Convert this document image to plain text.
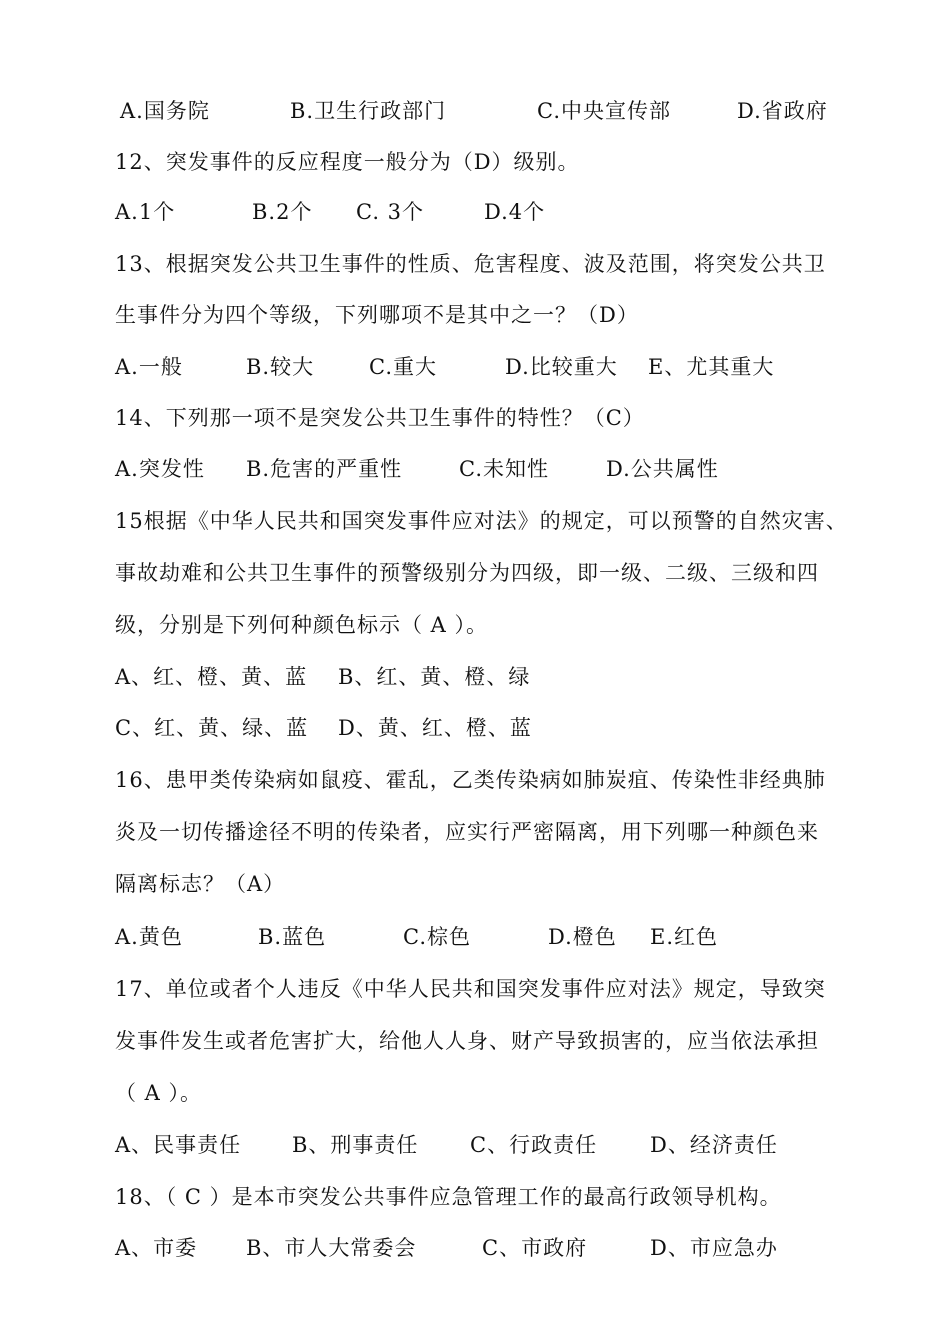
A.国务院	B.卫生行政部门	C.中央宣传部	D.省政府
12、突发事件的反应程度一般分为（D）级别。
A.1个	B.2个 C. 3个	D.4个
13、根据突发公共卫生事件的性质、危害程度、波及范围，将突发公共卫
生事件分为四个等级，下列哪项不是其中之一？（D）
A.一般	B.较大	C.重大	D.比较重大 E、尤其重大
14、下列那一项不是突发公共卫生事件的特性？（C）
A.突发性 B.危害的严重性	C.未知性	D.公共属性
15根据《中华人民共和国突发事件应对法》的规定，可以预警的自然灾害、
事故劫难和公共卫生事件的预警级别分为四级，即一级、二级、三级和四
级，分别是下列何种颜色标示（ A ）。
A、红、橙、黄、蓝 B、红、黄、橙、绿
C、红、黄、绿、蓝 D、黄、红、橙、蓝
16、患甲类传染病如鼠疫、霍乱，乙类传染病如肺炭疽、传染性非经典肺
炎及一切传播途径不明的传染者，应实行严密隔离，用下列哪一种颜色来
隔离标志？（A）
A.黄色	B.蓝色	C.棕色	D.橙色 E.红色
17、单位或者个人违反《中华人民共和国突发事件应对法》规定，导致突
发事件发生或者危害扩大，给他人人身、财产导致损害的，应当依法承担
（ A ）。
A、民事责任 B、刑事责任 C、行政责任	D、经济责任
18、（ C ）是本市突发公共事件应急管理工作的最高行政领导机构。
A、市委 B、市人大常委会	C、市政府	D、市应急办
